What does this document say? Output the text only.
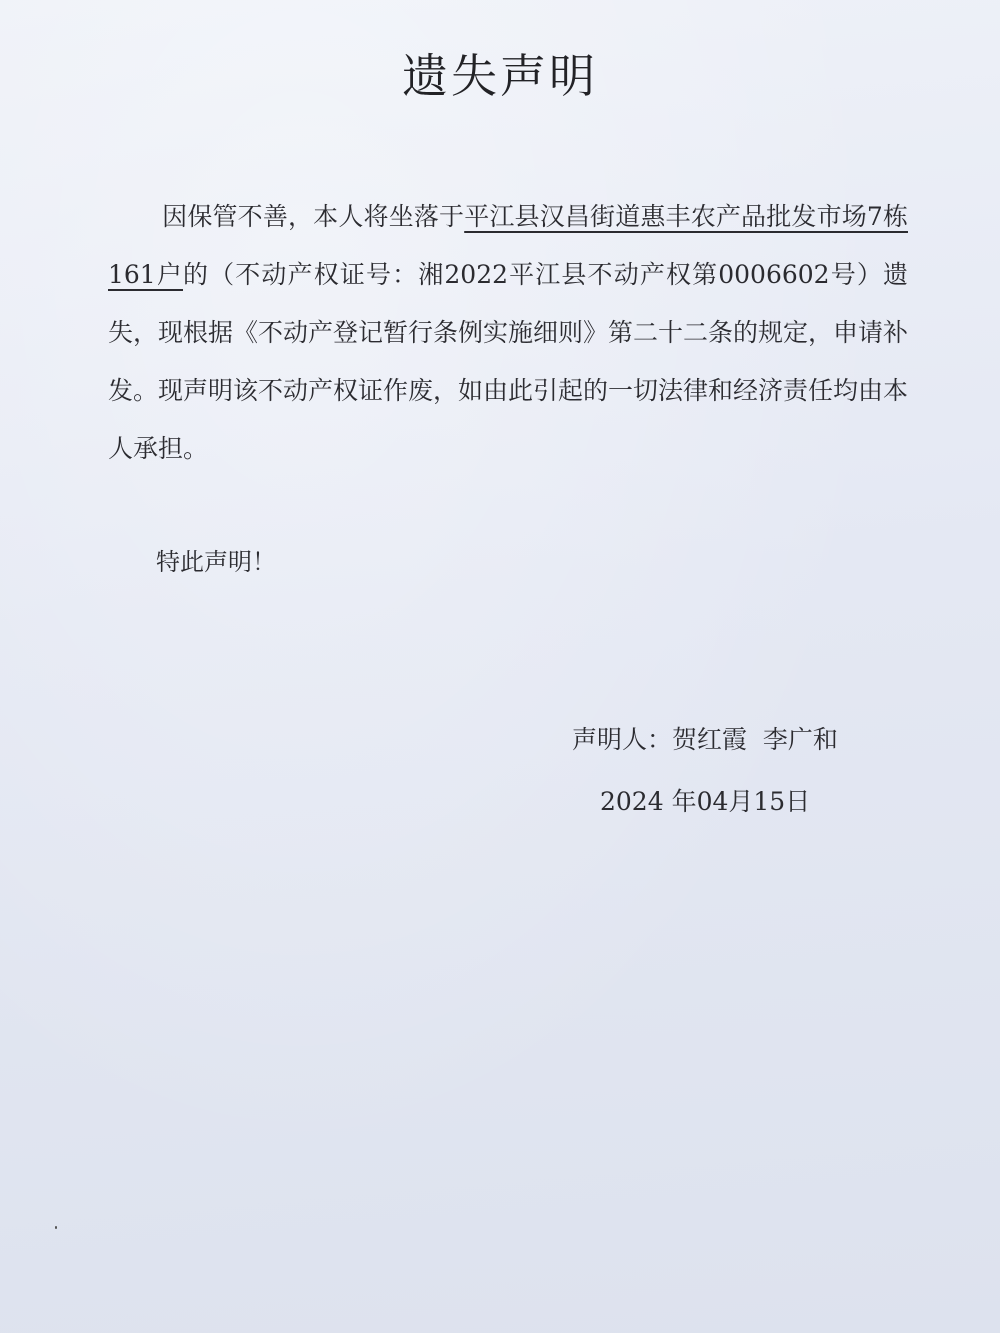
遗失声明
因保管不善，本人将坐落于平江县汉昌街道惠丰农产品批发市场7栋161户的（不动产权证号：湘2022平江县不动产权第0006602号）遗失，现根据《不动产登记暂行条例实施细则》第二十二条的规定，申请补发。现声明该不动产权证作废，如由此引起的一切法律和经济责任均由本人承担。
特此声明！
声明人：贺红霞  李广和
2024 年04月15日
